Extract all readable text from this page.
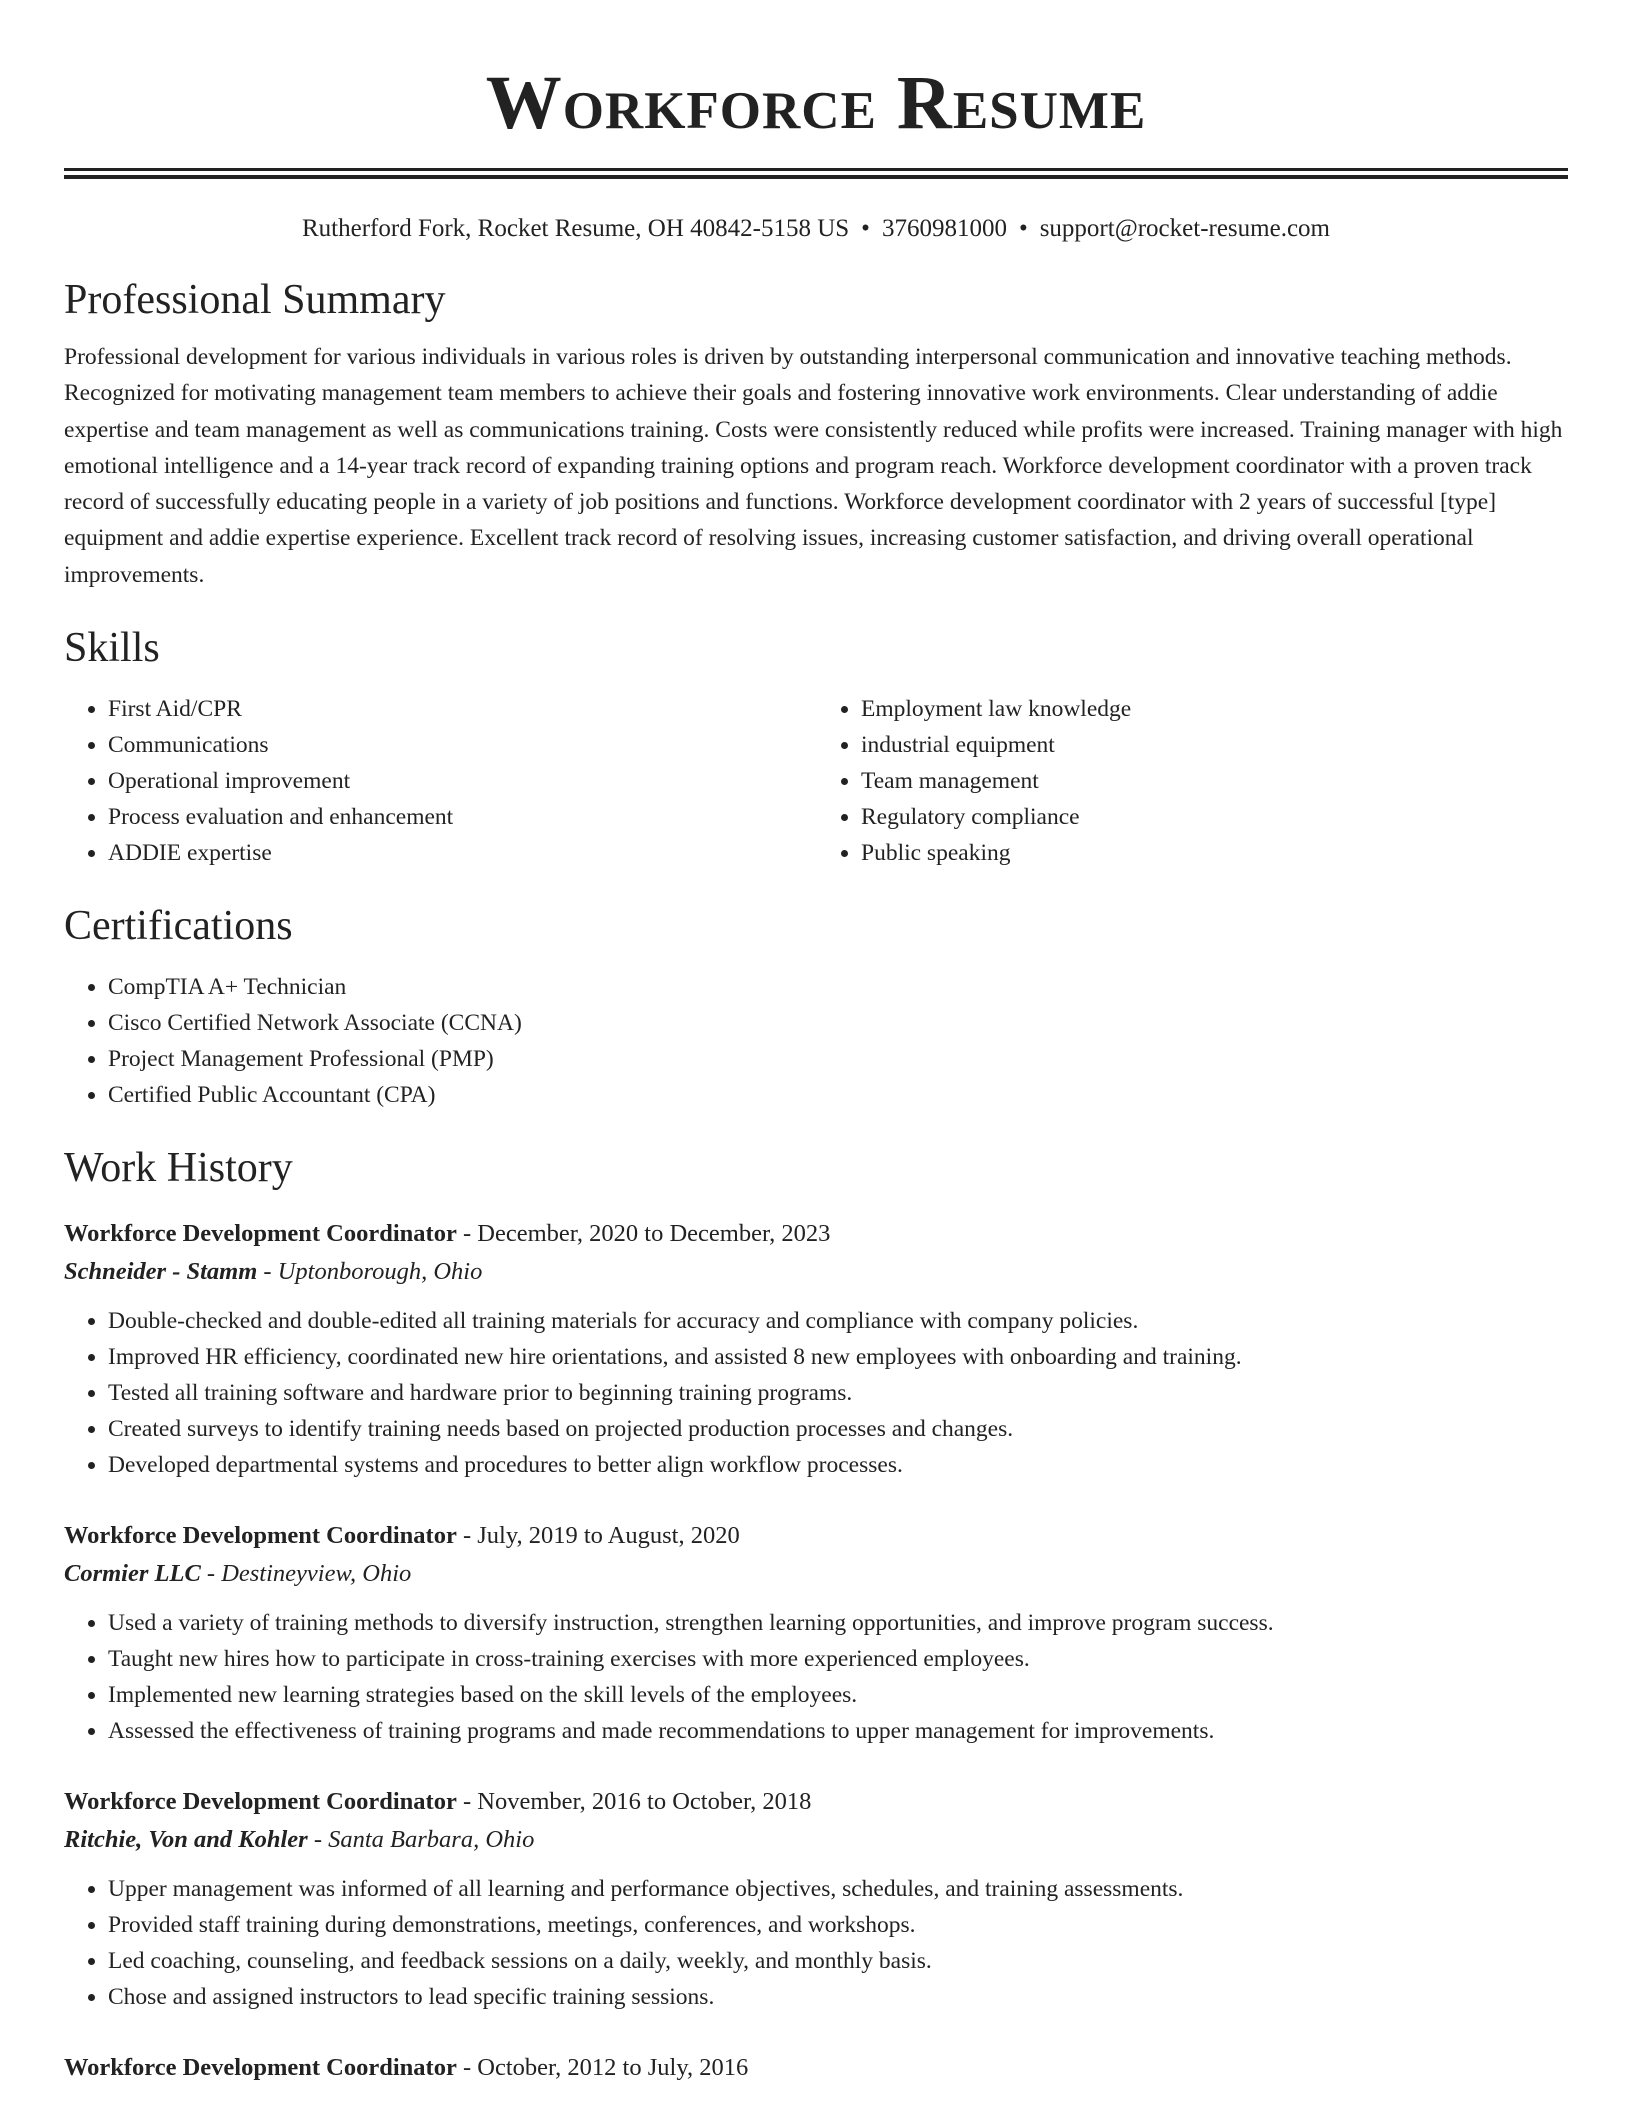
Workforce Resume
Rutherford Fork, Rocket Resume, OH 40842-5158 US • 3760981000 • support@rocket-resume.com
Professional Summary

Professional development for various individuals in various roles is driven by outstanding interpersonal communication and innovative teaching methods. Recognized for motivating management team members to achieve their goals and fostering innovative work environments. Clear understanding of addie expertise and team management as well as communications training. Costs were consistently reduced while profits were increased. Training manager with high emotional intelligence and a 14-year track record of expanding training options and program reach. Workforce development coordinator with a proven track record of successfully educating people in a variety of job positions and functions. Workforce development coordinator with 2 years of successful [type] equipment and addie expertise experience. Excellent track record of resolving issues, increasing customer satisfaction, and driving overall operational improvements.

Skills
• First Aid/CPR
• Communications
• Operational improvement
• Process evaluation and enhancement
• ADDIE expertise
• Employment law knowledge
• industrial equipment
• Team management
• Regulatory compliance
• Public speaking
Certifications
• CompTIA A+ Technician
• Cisco Certified Network Associate (CCNA)
• Project Management Professional (PMP)
• Certified Public Accountant (CPA)
Work History
Workforce Development Coordinator - December, 2020 to December, 2023
Schneider - Stamm - Uptonborough, Ohio
• Double-checked and double-edited all training materials for accuracy and compliance with company policies.
• Improved HR efficiency, coordinated new hire orientations, and assisted 8 new employees with onboarding and training.
• Tested all training software and hardware prior to beginning training programs.
• Created surveys to identify training needs based on projected production processes and changes.
• Developed departmental systems and procedures to better align workflow processes.
Workforce Development Coordinator - July, 2019 to August, 2020
Cormier LLC - Destineyview, Ohio
• Used a variety of training methods to diversify instruction, strengthen learning opportunities, and improve program success.
• Taught new hires how to participate in cross-training exercises with more experienced employees.
• Implemented new learning strategies based on the skill levels of the employees.
• Assessed the effectiveness of training programs and made recommendations to upper management for improvements.
Workforce Development Coordinator - November, 2016 to October, 2018
Ritchie, Von and Kohler - Santa Barbara, Ohio
• Upper management was informed of all learning and performance objectives, schedules, and training assessments.
• Provided staff training during demonstrations, meetings, conferences, and workshops.
• Led coaching, counseling, and feedback sessions on a daily, weekly, and monthly basis.
• Chose and assigned instructors to lead specific training sessions.
Workforce Development Coordinator - October, 2012 to July, 2016
